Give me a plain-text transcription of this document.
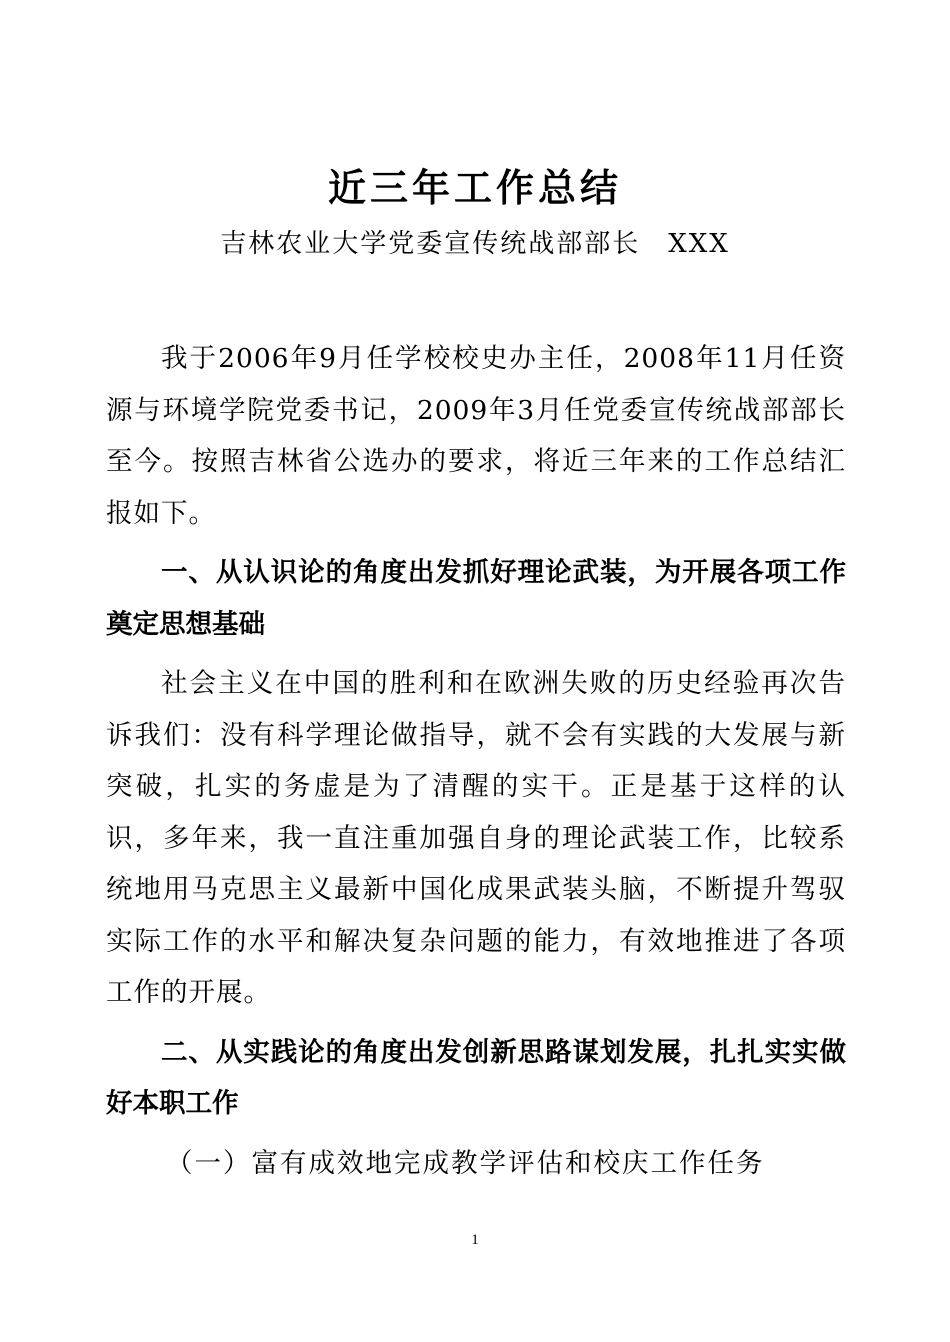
近三年工作总结
吉林农业大学党委宣传统战部部长 XXX

我于2006年9月任学校校史办主任，2008年11月任资源与环境学院党委书记，2009年3月任党委宣传统战部部长至今。按照吉林省公选办的要求，将近三年来的工作总结汇报如下。

一、从认识论的角度出发抓好理论武装，为开展各项工作奠定思想基础

社会主义在中国的胜利和在欧洲失败的历史经验再次告诉我们：没有科学理论做指导，就不会有实践的大发展与新突破，扎实的务虚是为了清醒的实干。正是基于这样的认识，多年来，我一直注重加强自身的理论武装工作，比较系统地用马克思主义最新中国化成果武装头脑，不断提升驾驭实际工作的水平和解决复杂问题的能力，有效地推进了各项工作的开展。

二、从实践论的角度出发创新思路谋划发展，扎扎实实做好本职工作

（一）富有成效地完成教学评估和校庆工作任务

1
